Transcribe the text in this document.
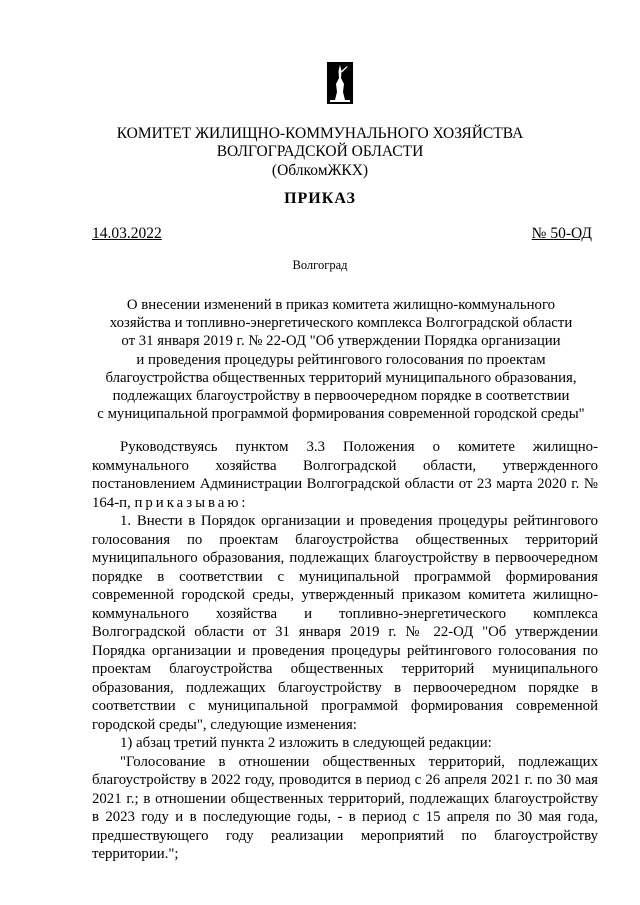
КОМИТЕТ ЖИЛИЩНО-КОММУНАЛЬНОГО ХОЗЯЙСТВА
ВОЛГОГРАДСКОЙ ОБЛАСТИ
(ОблкомЖКХ)
ПРИКАЗ
14.03.2022	№ 50-ОД
Волгоград
О внесении изменений в приказ комитета жилищно-коммунального
хозяйства и топливно-энергетического комплекса Волгоградской области
от 31 января 2019 г. № 22-ОД "Об утверждении Порядка организации
и проведения процедуры рейтингового голосования по проектам
благоустройства общественных территорий муниципального образования,
подлежащих благоустройству в первоочередном порядке в соответствии
с муниципальной программой формирования современной городской среды"

Руководствуясь пунктом 3.3 Положения о комитете жилищно-коммунального хозяйства Волгоградской области, утвержденного постановлением Администрации Волгоградской области от 23 марта 2020 г. № 164-п, приказываю:

1. Внести в Порядок организации и проведения процедуры рейтингового голосования по проектам благоустройства общественных территорий муниципального образования, подлежащих благоустройству в первоочередном порядке в соответствии с муниципальной программой формирования современной городской среды, утвержденный приказом комитета жилищно-коммунального хозяйства и топливно-энергетического комплекса Волгоградской области от 31 января 2019 г. № 22-ОД "Об утверждении Порядка организации и проведения процедуры рейтингового голосования по проектам благоустройства общественных территорий муниципального образования, подлежащих благоустройству в первоочередном порядке в соответствии с муниципальной программой формирования современной городской среды", следующие изменения:

1) абзац третий пункта 2 изложить в следующей редакции:

"Голосование в отношении общественных территорий, подлежащих благоустройству в 2022 году, проводится в период с 26 апреля 2021 г. по 30 мая 2021 г.; в отношении общественных территорий, подлежащих благоустройству в 2023 году и в последующие годы, - в период с 15 апреля по 30 мая года, предшествующего году реализации мероприятий по благоустройству территории.";
